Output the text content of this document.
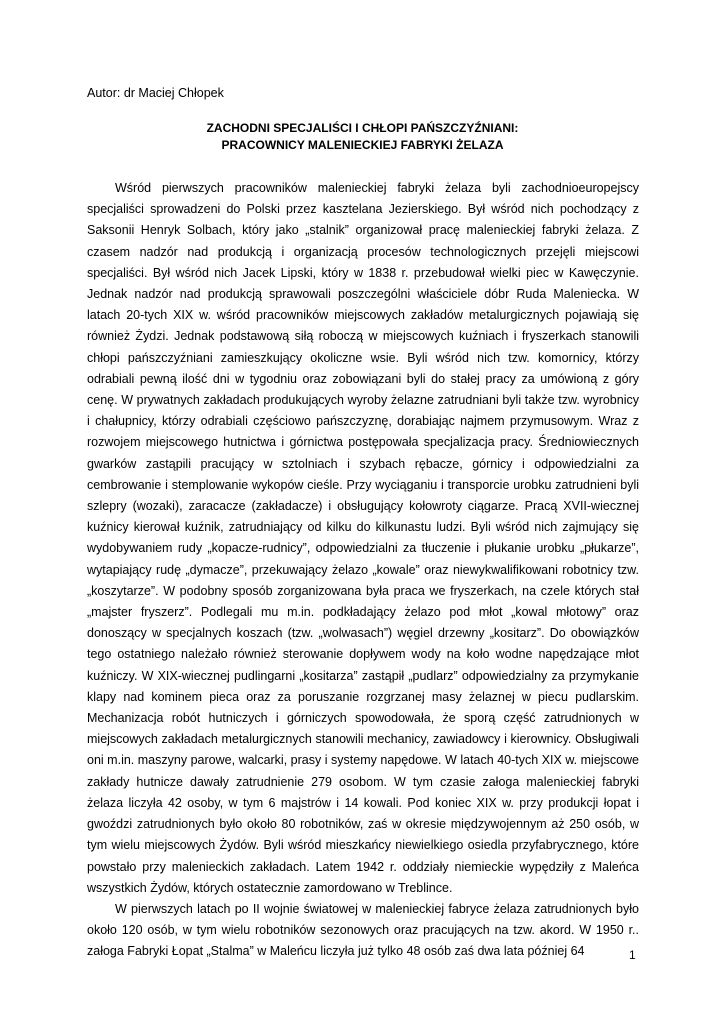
Autor: dr Maciej Chłopek
ZACHODNI SPECJALIŚCI I CHŁOPI PAŃSZCZYŹNIANI:
PRACOWNICY MALENIECKIEJ FABRYKI ŻELAZA

Wśród pierwszych pracowników malenieckiej fabryki żelaza byli zachodnioeuropejscy specjaliści sprowadzeni do Polski przez kasztelana Jezierskiego. Był wśród nich pochodzący z Saksonii Henryk Solbach, który jako „stalnik” organizował pracę malenieckiej fabryki żelaza. Z czasem nadzór nad produkcją i organizacją procesów technologicznych przejęli miejscowi specjaliści. Był wśród nich Jacek Lipski, który w 1838 r. przebudował wielki piec w Kawęczynie. Jednak nadzór nad produkcją sprawowali poszczególni właściciele dóbr Ruda Maleniecka. W latach 20-tych XIX w. wśród pracowników miejscowych zakładów metalurgicznych pojawiają się również Żydzi. Jednak podstawową siłą roboczą w miejscowych kuźniach i fryszerkach stanowili chłopi pańszczyźniani zamieszkujący okoliczne wsie. Byli wśród nich tzw. komornicy, którzy odrabiali pewną ilość dni w tygodniu oraz zobowiązani byli do stałej pracy za umówioną z góry cenę. W prywatnych zakładach produkujących wyroby żelazne zatrudniani byli także tzw. wyrobnicy i chałupnicy, którzy odrabiali częściowo pańszczyznę, dorabiając najmem przymusowym. Wraz z rozwojem miejscowego hutnictwa i górnictwa postępowała specjalizacja pracy. Średniowiecznych gwarków zastąpili pracujący w sztolniach i szybach rębacze, górnicy i odpowiedzialni za cembrowanie i stemplowanie wykopów cieśle. Przy wyciąganiu i transporcie urobku zatrudnieni byli szlepry (wozaki), zaracacze (zakładacze) i obsługujący kołowroty ciągarze. Pracą XVII-wiecznej kuźnicy kierował kuźnik, zatrudniający od kilku do kilkunastu ludzi. Byli wśród nich zajmujący się wydobywaniem rudy „kopacze-rudnicy”, odpowiedzialni za tłuczenie i płukanie urobku „płukarze”, wytapiający rudę „dymacze”, przekuwający żelazo „kowale” oraz niewykwalifikowani robotnicy tzw. „koszytarze”. W podobny sposób zorganizowana była praca we fryszerkach, na czele których stał „majster fryszerz”. Podlegali mu m.in. podkładający żelazo pod młot „kowal młotowy” oraz donoszący w specjalnych koszach (tzw. „wolwasach”) węgiel drzewny „kositarz”. Do obowiązków tego ostatniego należało również sterowanie dopływem wody na koło wodne napędzające młot kuźniczy. W XIX-wiecznej pudlingarni „kositarza” zastąpił „pudlarz” odpowiedzialny za przymykanie klapy nad kominem pieca oraz za poruszanie rozgrzanej masy żelaznej w piecu pudlarskim. Mechanizacja robót hutniczych i górniczych spowodowała, że sporą część zatrudnionych w miejscowych zakładach metalurgicznych stanowili mechanicy, zawiadowcy i kierownicy. Obsługiwali oni m.in. maszyny parowe, walcarki, prasy i systemy napędowe. W latach 40-tych XIX w. miejscowe zakłady hutnicze dawały zatrudnienie 279 osobom. W tym czasie załoga malenieckiej fabryki żelaza liczyła 42 osoby, w tym 6 majstrów i 14 kowali. Pod koniec XIX w. przy produkcji łopat i gwoździ zatrudnionych było około 80 robotników, zaś w okresie międzywojennym aż 250 osób, w tym wielu miejscowych Żydów. Byli wśród mieszkańcy niewielkiego osiedla przyfabrycznego, które powstało przy malenieckich zakładach. Latem 1942 r. oddziały niemieckie wypędziły z Maleńca wszystkich Żydów, których ostatecznie zamordowano w Treblince.

W pierwszych latach po II wojnie światowej w malenieckiej fabryce żelaza zatrudnionych było około 120 osób, w tym wielu robotników sezonowych oraz pracujących na tzw. akord. W 1950 r.. załoga Fabryki Łopat „Stalma” w Maleńcu liczyła już tylko 48 osób zaś dwa lata później 64	1
